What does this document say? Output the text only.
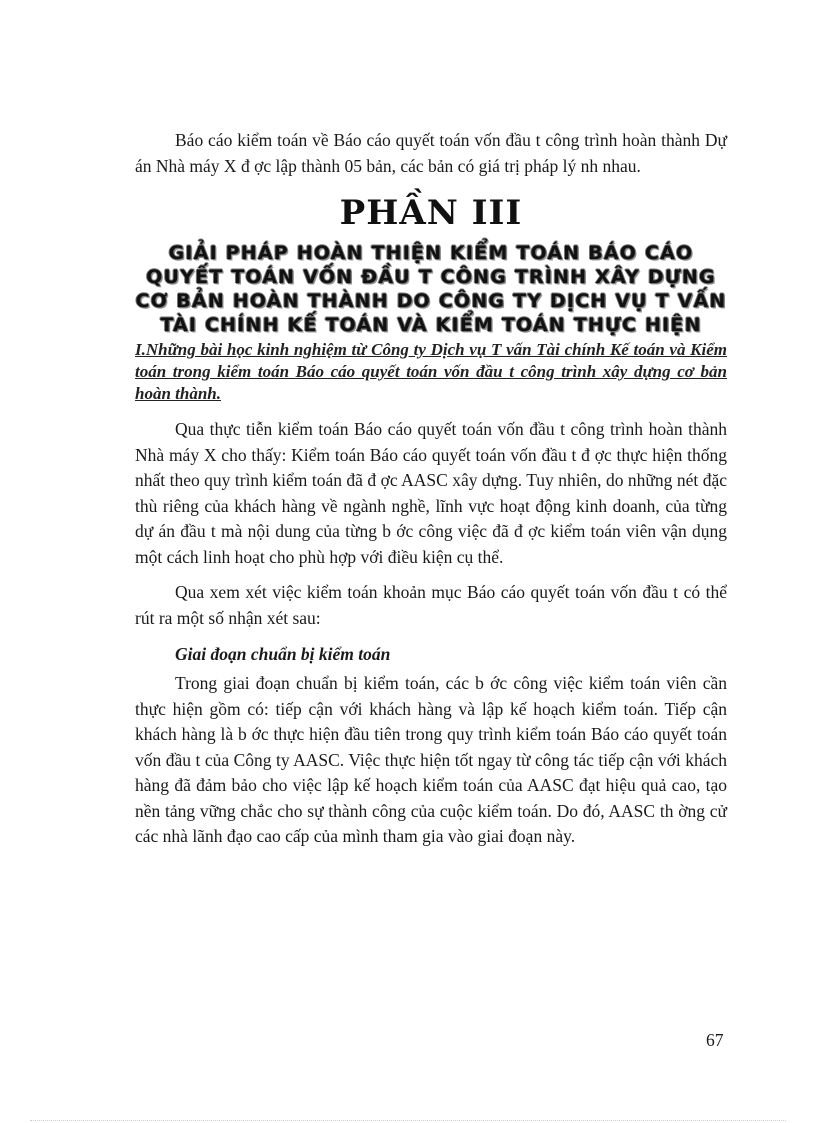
Báo cáo kiểm toán về Báo cáo quyết toán vốn đầu t công trình hoàn thành Dự án Nhà máy X đ ợc lập thành 05 bản, các bản có giá trị pháp lý nh nhau.

PHẦN III
GIẢI PHÁP HOÀN THIỆN KIỂM TOÁN BÁO CÁO QUYẾT TOÁN VỐN ĐẦU T CÔNG TRÌNH XÂY DỰNG CƠ BẢN HOÀN THÀNH DO CÔNG TY DỊCH VỤ T VẤN TÀI CHÍNH KẾ TOÁN VÀ KIỂM TOÁN THỰC HIỆN
I.Những bài học kinh nghiệm từ Công ty Dịch vụ T vấn Tài chính Kế toán và Kiểm toán trong kiểm toán Báo cáo quyết toán vốn đầu t công trình xây dựng cơ bản hoàn thành.

Qua thực tiễn kiểm toán Báo cáo quyết toán vốn đầu t công trình hoàn thành Nhà máy X cho thấy: Kiểm toán Báo cáo quyết toán vốn đầu t đ ợc thực hiện thống nhất theo quy trình kiểm toán đã đ ợc AASC xây dựng. Tuy nhiên, do những nét đặc thù riêng của khách hàng về ngành nghề, lĩnh vực hoạt động kinh doanh, của từng dự án đầu t mà nội dung của từng b ớc công việc đã đ ợc kiểm toán viên vận dụng một cách linh hoạt cho phù hợp với điều kiện cụ thể.

Qua xem xét việc kiểm toán khoản mục Báo cáo quyết toán vốn đầu t có thể rút ra một số nhận xét sau:

Giai đoạn chuẩn bị kiểm toán

Trong giai đoạn chuẩn bị kiểm toán, các b ớc công việc kiểm toán viên cần thực hiện gồm có: tiếp cận với khách hàng và lập kế hoạch kiểm toán. Tiếp cận khách hàng là b ớc thực hiện đầu tiên trong quy trình kiểm toán Báo cáo quyết toán vốn đầu t của Công ty AASC. Việc thực hiện tốt ngay từ công tác tiếp cận với khách hàng đã đảm bảo cho việc lập kế hoạch kiểm toán của AASC đạt hiệu quả cao, tạo nền tảng vững chắc cho sự thành công của cuộc kiểm toán. Do đó, AASC th ờng cử các nhà lãnh đạo cao cấp của mình tham gia vào giai đoạn này.

67
